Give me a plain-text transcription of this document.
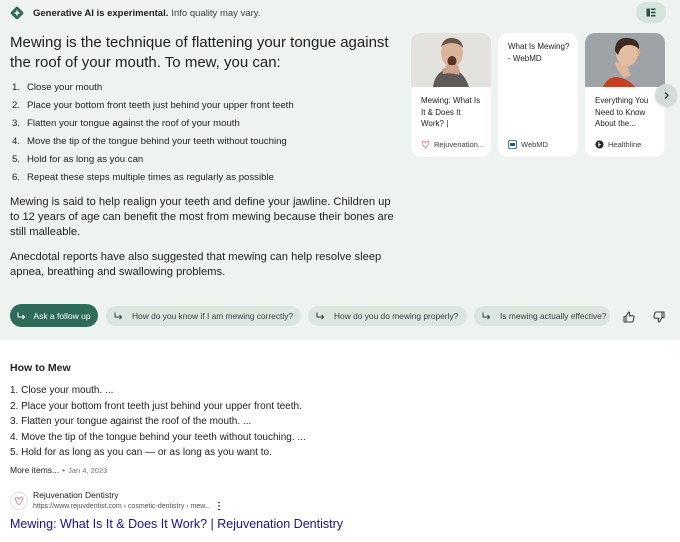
Generative AI is experimental. Info quality may vary.
Mewing is the technique of flattening your tongue against the roof of your mouth. To mew, you can:
1. Close your mouth
2. Place your bottom front teeth just behind your upper front teeth
3. Flatten your tongue against the roof of your mouth
4. Move the tip of the tongue behind your teeth without touching
5. Hold for as long as you can
6. Repeat these steps multiple times as regularly as possible
Mewing is said to help realign your teeth and define your jawline. Children up to 12 years of age can benefit the most from mewing because their bones are still malleable.
Anecdotal reports have also suggested that mewing can help resolve sleep apnea, breathing and swallowing problems.
Mewing: What Is It & Does It Work? |
Rejuvenation...
What Is Mewing? - WebMD
WebMD
Everything You Need to Know About the...
Healthline
Ask a follow up	How do you know if I am mewing correctly?	How do you do mewing properly?	Is mewing actually effective?
How to Mew
1. Close your mouth. ...
2. Place your bottom front teeth just behind your upper front teeth.
3. Flatten your tongue against the roof of the mouth. ...
4. Move the tip of the tongue behind your teeth without touching. ...
5. Hold for as long as you can — or as long as you want to.
More items... • Jan 4, 2023
Rejuvenation Dentistry
https://www.rejuvdentist.com › cosmetic-dentistry › mew...
Mewing: What Is It & Does It Work? | Rejuvenation Dentistry
